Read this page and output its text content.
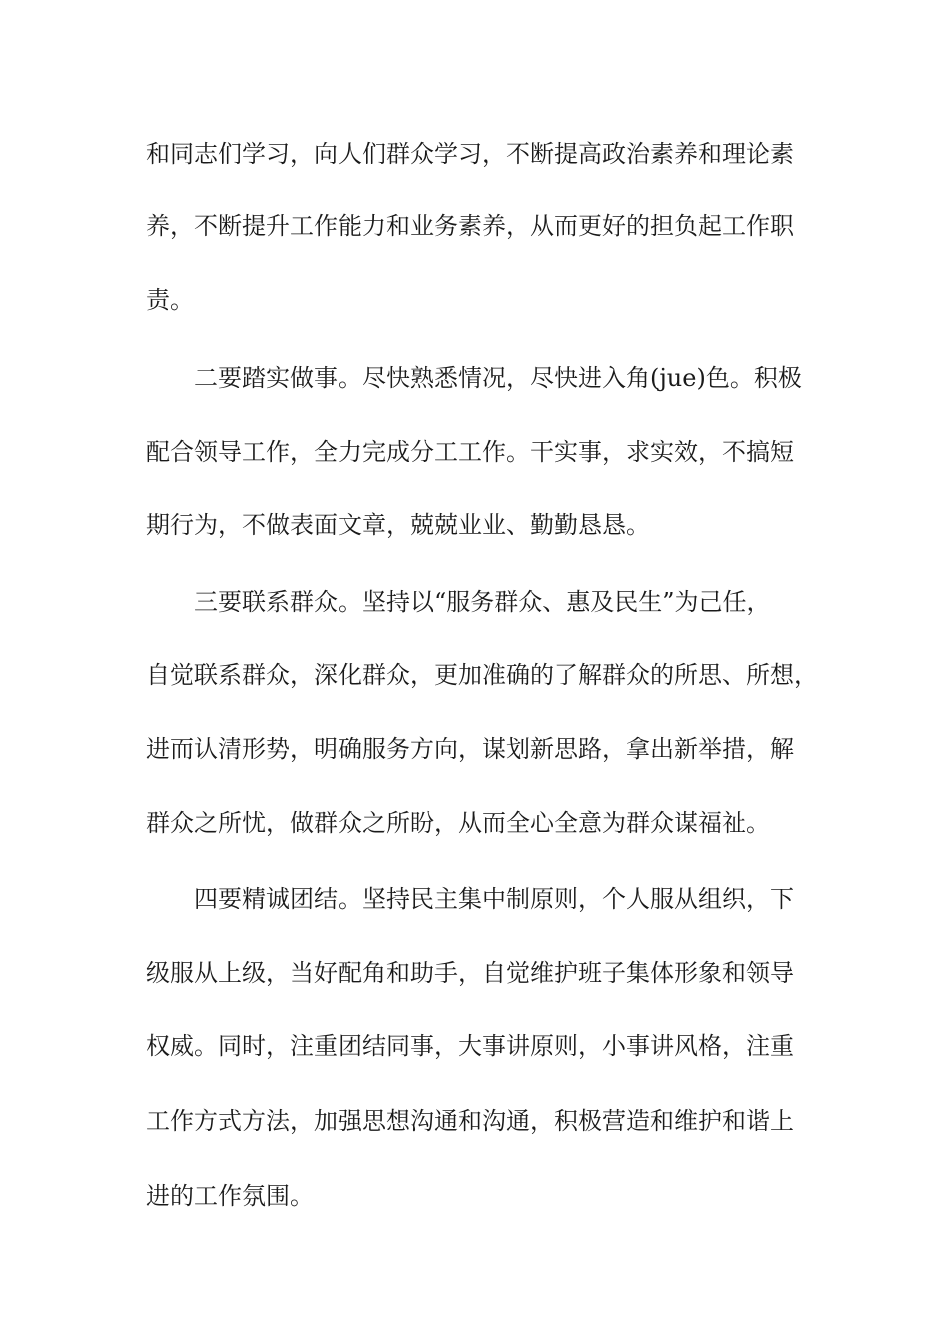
和同志们学习，向人们群众学习，不断提高政治素养和理论素
养，不断提升工作能力和业务素养，从而更好的担负起工作职
责。
二要踏实做事。尽快熟悉情况，尽快进入角(jue)色。积极
配合领导工作，全力完成分工工作。干实事，求实效，不搞短
期行为，不做表面文章，兢兢业业、勤勤恳恳。
三要联系群众。坚持以“服务群众、惠及民生”为己任，
自觉联系群众，深化群众，更加准确的了解群众的所思、所想，
进而认清形势，明确服务方向，谋划新思路，拿出新举措，解
群众之所忧，做群众之所盼，从而全心全意为群众谋福祉。
四要精诚团结。坚持民主集中制原则，个人服从组织，下
级服从上级，当好配角和助手，自觉维护班子集体形象和领导
权威。同时，注重团结同事，大事讲原则，小事讲风格，注重
工作方式方法，加强思想沟通和沟通，积极营造和维护和谐上
进的工作氛围。
